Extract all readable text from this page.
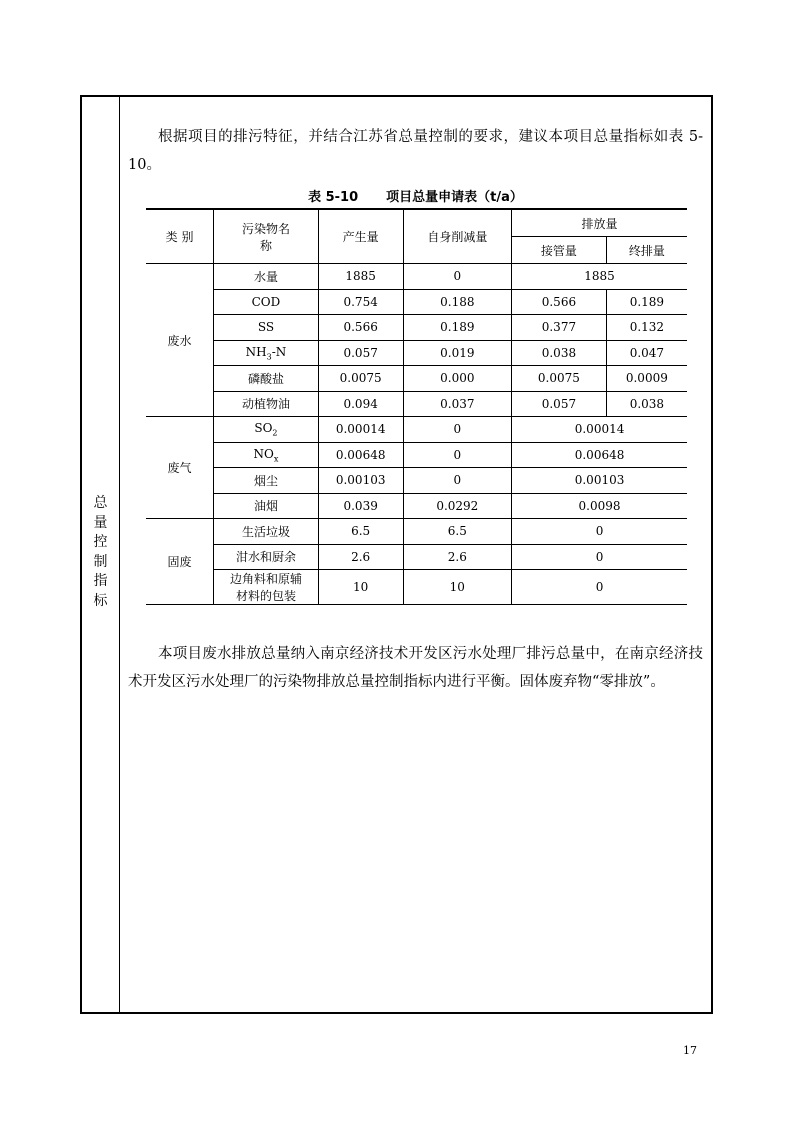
总
量
控
制
指
标
根据项目的排污特征，并结合江苏省总量控制的要求，建议本项目总量指标如表 5-10。
表 5-10 项目总量申请表（t/a）
类 别	污染物名称	产生量	自身削减量	排放量	
				接管量	终排量
废水	水量	1885	0	1885	
	COD	0.754	0.188	0.566	0.189
	SS	0.566	0.189	0.377	0.132
	$NH_3-N$	0.057	0.019	0.038	0.047
	磷酸盐	0.0075	0.000	0.0075	0.0009
	动植物油	0.094	0.037	0.057	0.038
废气	$SO_2$	0.00014	0	0.00014	
	$NO_x$	0.00648	0	0.00648	
	烟尘	0.00103	0	0.00103	
	油烟	0.039	0.0292	0.0098	
固废	生活垃圾	6.5	6.5	0	
	泔水和厨余	2.6	2.6	0	
	边角料和原辅材料的包装	10	10	0	
本项目废水排放总量纳入南京经济技术开发区污水处理厂排污总量中，在南京经济技术开发区污水处理厂的污染物排放总量控制指标内进行平衡。固体废弃物“零排放”。
17
